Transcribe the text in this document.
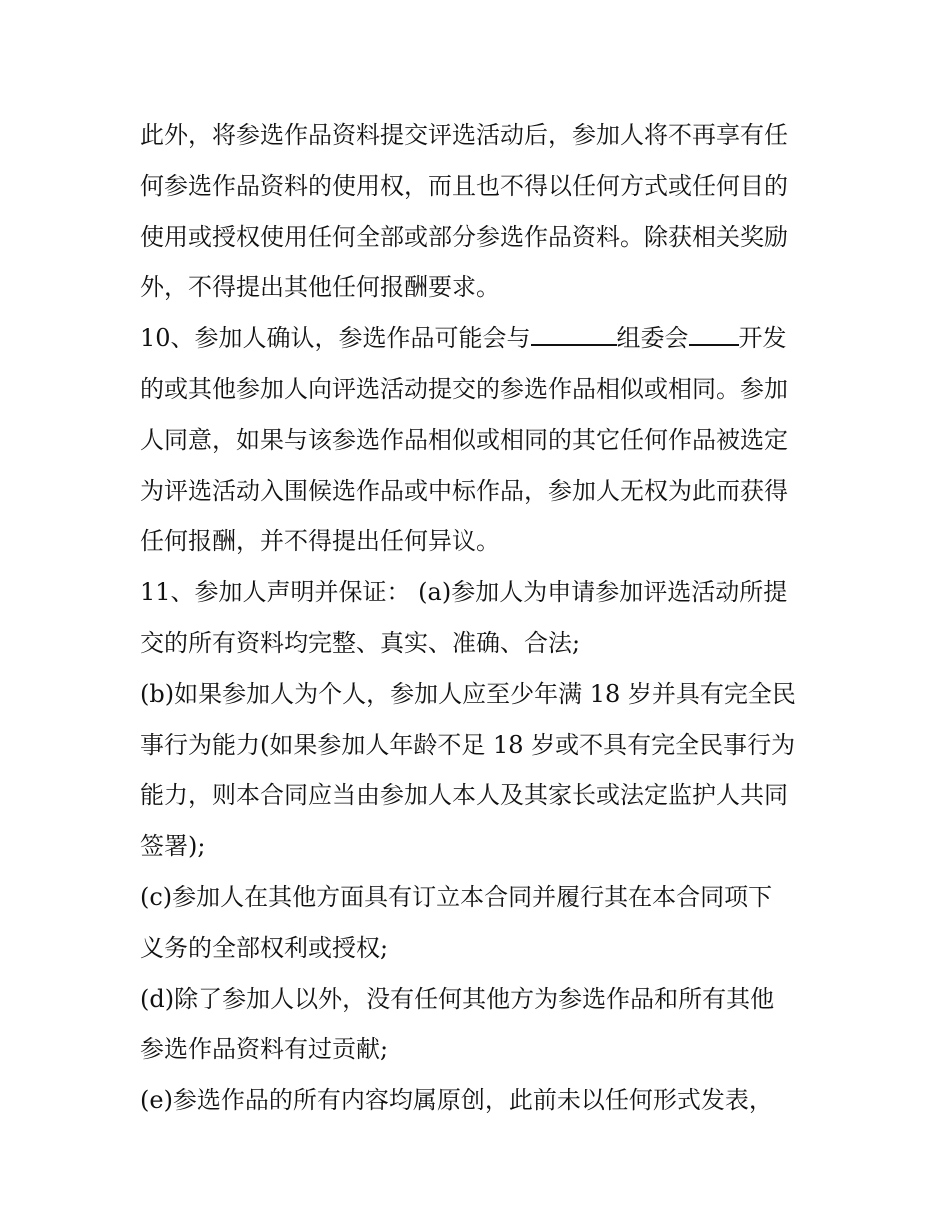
此外，将参选作品资料提交评选活动后，参加人将不再享有任
何参选作品资料的使用权，而且也不得以任何方式或任何目的
使用或授权使用任何全部或部分参选作品资料。除获相关奖励
外，不得提出其他任何报酬要求。
10、参加人确认，参选作品可能会与	组委会 开发
的或其他参加人向评选活动提交的参选作品相似或相同。参加
人同意，如果与该参选作品相似或相同的其它任何作品被选定
为评选活动入围候选作品或中标作品，参加人无权为此而获得
任何报酬，并不得提出任何异议。
11、参加人声明并保证： (a)参加人为申请参加评选活动所提
交的所有资料均完整、真实、准确、合法;
(b)如果参加人为个人，参加人应至少年满 18 岁并具有完全民
事行为能力(如果参加人年龄不足 18 岁或不具有完全民事行为
能力，则本合同应当由参加人本人及其家长或法定监护人共同
签署);
(c)参加人在其他方面具有订立本合同并履行其在本合同项下
义务的全部权利或授权;
(d)除了参加人以外，没有任何其他方为参选作品和所有其他
参选作品资料有过贡献;
(e)参选作品的所有内容均属原创，此前未以任何形式发表，
